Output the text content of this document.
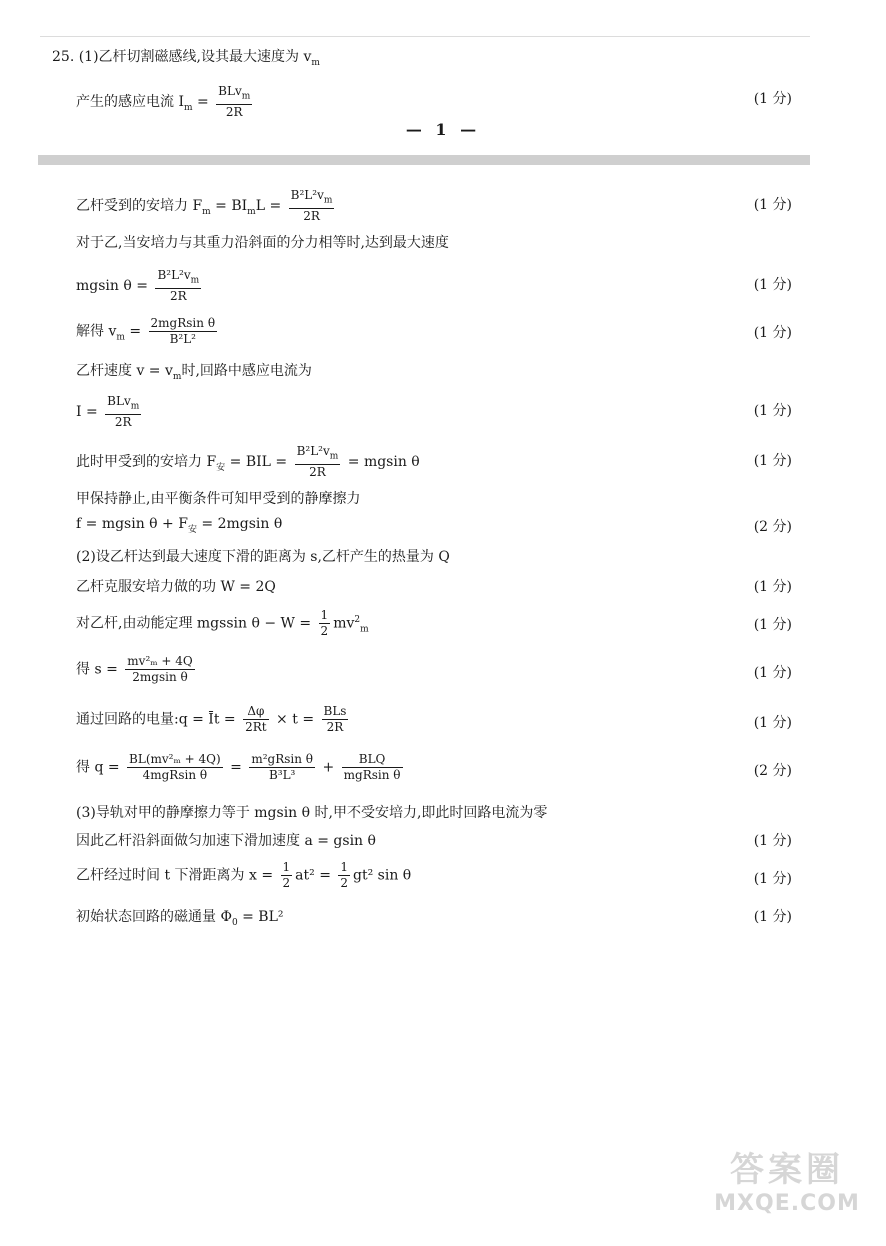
25. (1)乙杆切割磁感线,设其最大速度为 $v_m$
产生的感应电流 $I_m = \frac{BLv_m}{2R}$	(1 分)
— 1 —
乙杆受到的安培力 $F_m = BI_mL = \frac{B^2L^2v_m}{2R}$	(1 分)
对于乙,当安培力与其重力沿斜面的分力相等时,达到最大速度
mgsin $\theta = \frac{B^2L^2v_m}{2R}$	(1 分)
解得 $v_m = \frac{\text{2mgRsin θ}}{\text{B²L²}}$	(1 分)
乙杆速度 $v = v_m$时,回路中感应电流为
$I = \frac{BLv_m}{2R}$	(1 分)
此时甲受到的安培力 $F_安$ = BIL = $\frac{B^2L^2v_m}{2R} = mgsin$ θ	(1 分)
甲保持静止,由平衡条件可知甲受到的静摩擦力
f = mgsin $\theta + F_安 = 2mgsin$ θ	(2 分)
(2)设乙杆达到最大速度下滑的距离为 s,乙杆产生的热量为 Q
乙杆克服安培力做的功 W = 2Q	(1 分)
对乙杆,由动能定理 mgssin $\theta - W = \frac{1}{2} mv^2_m$	(1 分)
得 $s = \frac{\text{mv²ₘ + 4Q}}{\text{2mgsin θ}}$	(1 分)
通过回路的电量:q = Īt = $\frac{\Delta\varphi}{2Rt} \times t = \frac{\text{BLs}}{2R}$	(1 分)
得 $q = \frac{\text{BL(mv²ₘ + 4Q)}}{\text{4mgRsin θ}} = \frac{\text{m²gRsin θ}}{\text{B³L³}} + \frac{\text{BLQ}}{\text{mgRsin θ}}$	(2 分)
(3)导轨对甲的静摩擦力等于 mgsin θ 时,甲不受安培力,即此时回路电流为零
因此乙杆沿斜面做匀加速下滑加速度 a = gsin θ	(1 分)
乙杆经过时间 t 下滑距离为 $x = \frac{1}{2} at^2 = \frac{1}{2} gt^2$ sin θ	(1 分)
初始状态回路的磁通量 $\Phi_0 = BL^2$	(1 分)
答案圈
MXQE.COM
